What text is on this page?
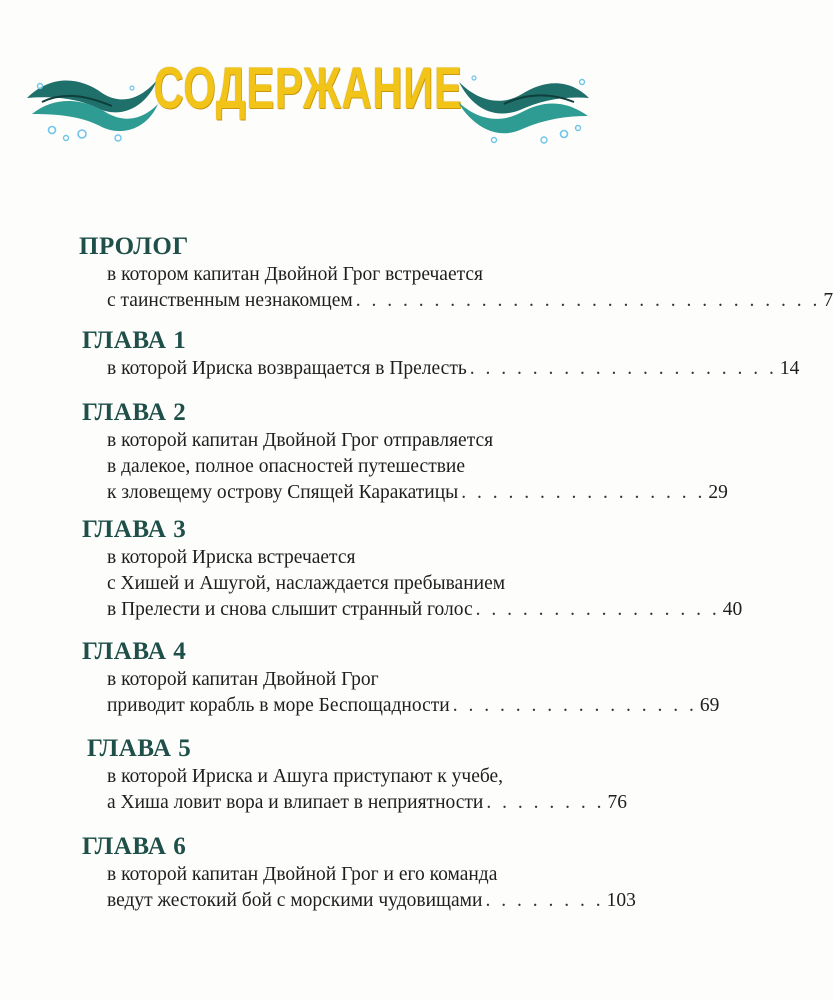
СОДЕРЖАНИЕ
ПРОЛОГ
в котором капитан Двойной Грог встречается
с таинственным незнакомцем . . . . . . . . . . . . . . . . . . . . . . . . . . . . . . 7
ГЛАВА 1
в которой Ириска возвращается в Прелесть . . . . . . . . . . . . . . . . . . . . 14
ГЛАВА 2
в которой капитан Двойной Грог отправляется
в далекое, полное опасностей путешествие
к зловещему острову Спящей Каракатицы . . . . . . . . . . . . . . . . 29
ГЛАВА 3
в которой Ириска встречается
с Хишей и Ашугой, наслаждается пребыванием
в Прелести и снова слышит странный голос . . . . . . . . . . . . . . . . 40
ГЛАВА 4
в которой капитан Двойной Грог
приводит корабль в море Беспощадности . . . . . . . . . . . . . . . . 69
ГЛАВА 5
в которой Ириска и Ашуга приступают к учебе,
а Хиша ловит вора и влипает в неприятности . . . . . . . . 76
ГЛАВА 6
в которой капитан Двойной Грог и его команда
ведут жестокий бой с морскими чудовищами . . . . . . . . 103
